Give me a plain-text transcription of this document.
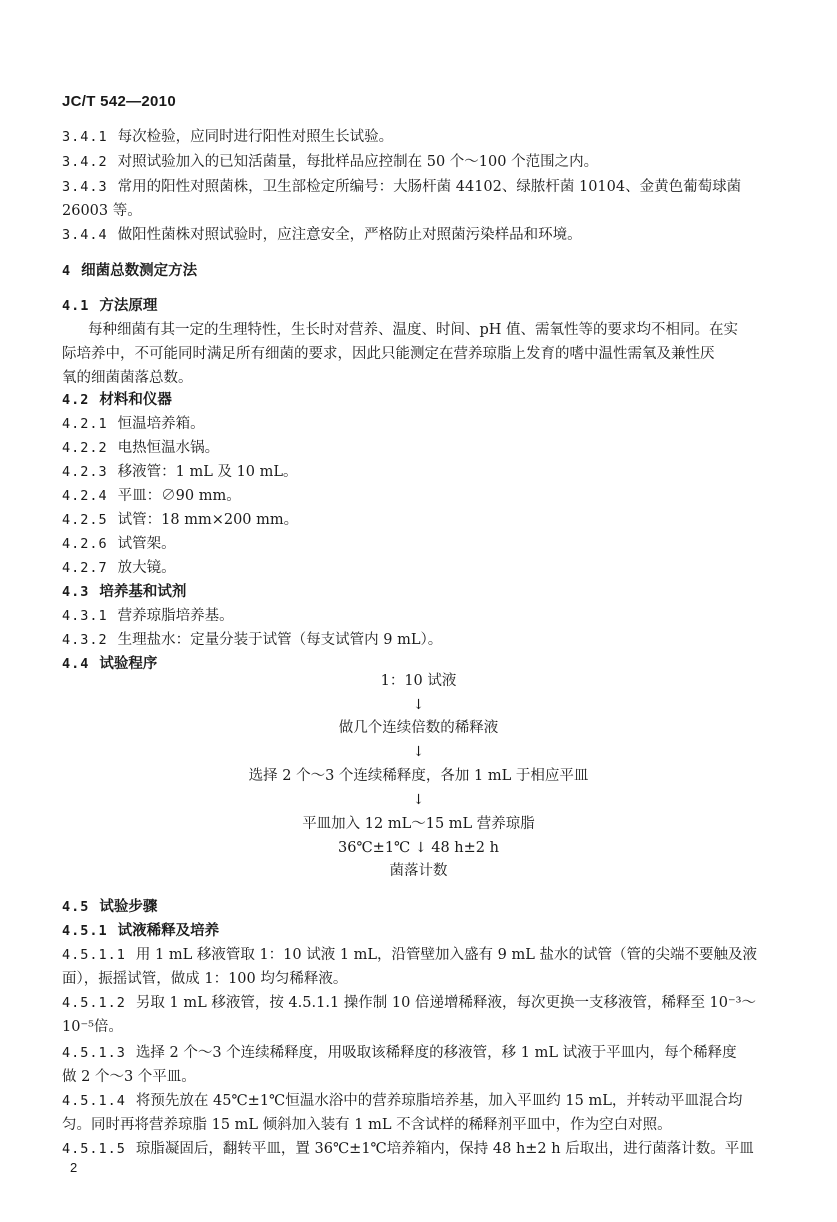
JC/T 542—2010
3.4.1 每次检验，应同时进行阳性对照生长试验。
3.4.2 对照试验加入的已知活菌量，每批样品应控制在 50 个～100 个范围之内。
3.4.3 常用的阳性对照菌株，卫生部检定所编号：大肠杆菌 44102、绿脓杆菌 10104、金黄色葡萄球菌
26003 等。
3.4.4 做阳性菌株对照试验时，应注意安全，严格防止对照菌污染样品和环境。
4 细菌总数测定方法
4.1 方法原理
每种细菌有其一定的生理特性，生长时对营养、温度、时间、pH 值、需氧性等的要求均不相同。在实
际培养中，不可能同时满足所有细菌的要求，因此只能测定在营养琼脂上发育的嗜中温性需氧及兼性厌
氧的细菌菌落总数。
4.2 材料和仪器
4.2.1 恒温培养箱。
4.2.2 电热恒温水锅。
4.2.3 移液管：1 mL 及 10 mL。
4.2.4 平皿：∅90 mm。
4.2.5 试管：18 mm×200 mm。
4.2.6 试管架。
4.2.7 放大镜。
4.3 培养基和试剂
4.3.1 营养琼脂培养基。
4.3.2 生理盐水：定量分装于试管（每支试管内 9 mL）。
4.4 试验程序
1：10 试液
↓
做几个连续倍数的稀释液
↓
选择 2 个～3 个连续稀释度，各加 1 mL 于相应平皿
↓
平皿加入 12 mL～15 mL 营养琼脂
36℃±1℃ ↓ 48 h±2 h
菌落计数
4.5 试验步骤
4.5.1 试液稀释及培养
4.5.1.1 用 1 mL 移液管取 1：10 试液 1 mL，沿管壁加入盛有 9 mL 盐水的试管（管的尖端不要触及液
面），振摇试管，做成 1：100 均匀稀释液。
4.5.1.2 另取 1 mL 移液管，按 4.5.1.1 操作制 10 倍递增稀释液，每次更换一支移液管，稀释至 10⁻³～
10⁻⁵倍。
4.5.1.3 选择 2 个～3 个连续稀释度，用吸取该稀释度的移液管，移 1 mL 试液于平皿内，每个稀释度
做 2 个～3 个平皿。
4.5.1.4 将预先放在 45℃±1℃恒温水浴中的营养琼脂培养基，加入平皿约 15 mL，并转动平皿混合均
匀。同时再将营养琼脂 15 mL 倾斜加入装有 1 mL 不含试样的稀释剂平皿中，作为空白对照。
4.5.1.5 琼脂凝固后，翻转平皿，置 36℃±1℃培养箱内，保持 48 h±2 h 后取出，进行菌落计数。平皿
2
